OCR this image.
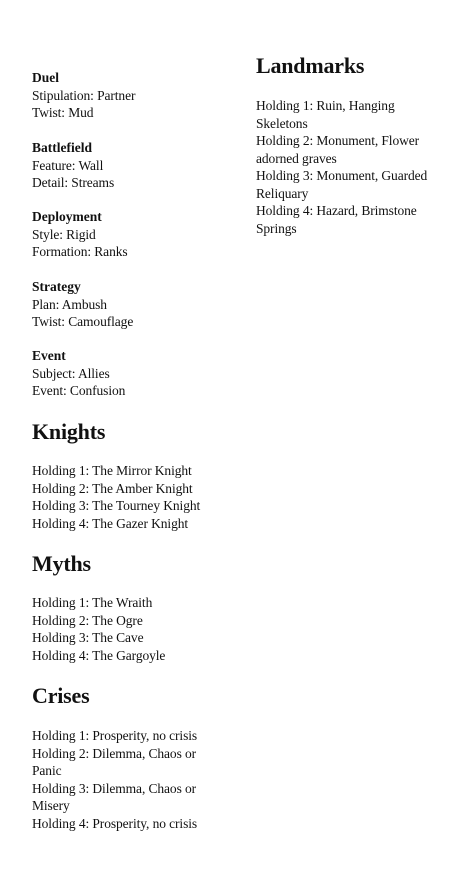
Duel
Stipulation: Partner
Twist: Mud
Battlefield
Feature: Wall
Detail: Streams
Deployment
Style: Rigid
Formation: Ranks
Strategy
Plan: Ambush
Twist: Camouflage
Event
Subject: Allies
Event: Confusion
Knights
Holding 1: The Mirror Knight
Holding 2: The Amber Knight
Holding 3: The Tourney Knight
Holding 4: The Gazer Knight
Myths
Holding 1: The Wraith
Holding 2: The Ogre
Holding 3: The Cave
Holding 4: The Gargoyle
Crises
Holding 1: Prosperity, no crisis
Holding 2: Dilemma, Chaos or Panic
Holding 3: Dilemma, Chaos or Misery
Holding 4: Prosperity, no crisis
Landmarks
Holding 1: Ruin, Hanging Skeletons
Holding 2: Monument, Flower adorned graves
Holding 3: Monument, Guarded Reliquary
Holding 4: Hazard, Brimstone Springs
